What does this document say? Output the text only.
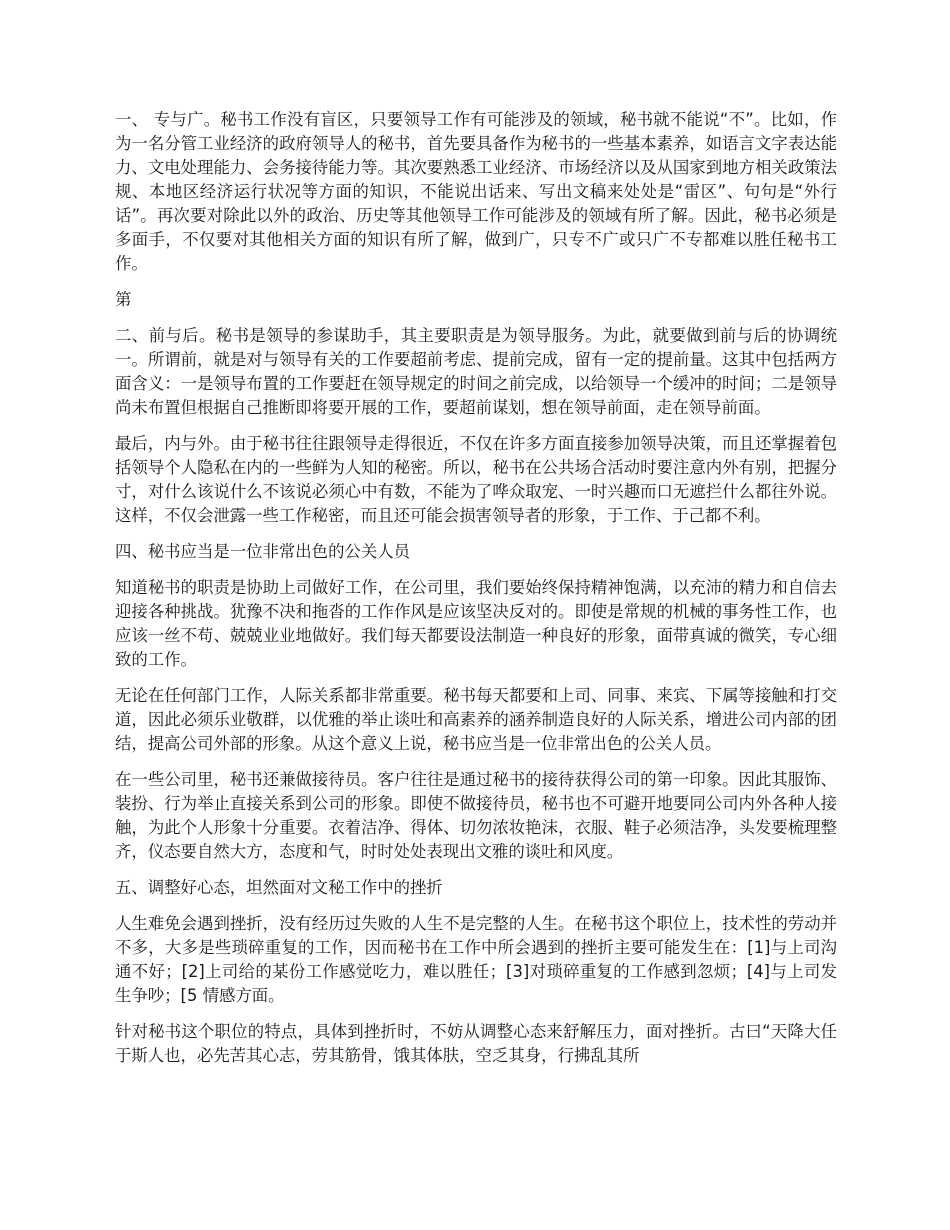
一、 专与广。秘书工作没有盲区，只要领导工作有可能涉及的领域，秘书就不能说“不”。比如，作为一名分管工业经济的政府领导人的秘书，首先要具备作为秘书的一些基本素养，如语言文字表达能力、文电处理能力、会务接待能力等。其次要熟悉工业经济、市场经济以及从国家到地方相关政策法规、本地区经济运行状况等方面的知识，不能说出话来、写出文稿来处处是“雷区”、句句是“外行话”。再次要对除此以外的政治、历史等其他领导工作可能涉及的领域有所了解。因此，秘书必须是多面手，不仅要对其他相关方面的知识有所了解，做到广，只专不广或只广不专都难以胜任秘书工作。

第

二、前与后。秘书是领导的参谋助手，其主要职责是为领导服务。为此，就要做到前与后的协调统一。所谓前，就是对与领导有关的工作要超前考虑、提前完成，留有一定的提前量。这其中包括两方面含义：一是领导布置的工作要赶在领导规定的时间之前完成，以给领导一个缓冲的时间；二是领导尚未布置但根据自己推断即将要开展的工作，要超前谋划，想在领导前面，走在领导前面。

最后，内与外。由于秘书往往跟领导走得很近，不仅在许多方面直接参加领导决策，而且还掌握着包括领导个人隐私在内的一些鲜为人知的秘密。所以，秘书在公共场合活动时要注意内外有别，把握分寸，对什么该说什么不该说必须心中有数，不能为了哗众取宠、一时兴趣而口无遮拦什么都往外说。这样，不仅会泄露一些工作秘密，而且还可能会损害领导者的形象，于工作、于己都不利。

四、秘书应当是一位非常出色的公关人员

知道秘书的职责是协助上司做好工作，在公司里，我们要始终保持精神饱满，以充沛的精力和自信去迎接各种挑战。犹豫不决和拖沓的工作作风是应该坚决反对的。即使是常规的机械的事务性工作，也应该一丝不苟、兢兢业业地做好。我们每天都要设法制造一种良好的形象，面带真诚的微笑，专心细致的工作。

无论在任何部门工作，人际关系都非常重要。秘书每天都要和上司、同事、来宾、下属等接触和打交道，因此必须乐业敬群，以优雅的举止谈吐和高素养的涵养制造良好的人际关系，增进公司内部的团结，提高公司外部的形象。从这个意义上说，秘书应当是一位非常出色的公关人员。

在一些公司里，秘书还兼做接待员。客户往往是通过秘书的接待获得公司的第一印象。因此其服饰、装扮、行为举止直接关系到公司的形象。即使不做接待员，秘书也不可避开地要同公司内外各种人接触，为此个人形象十分重要。衣着洁净、得体、切勿浓妆艳沫，衣服、鞋子必须洁净，头发要梳理整齐，仪态要自然大方，态度和气，时时处处表现出文雅的谈吐和风度。

五、调整好心态，坦然面对文秘工作中的挫折

人生难免会遇到挫折，没有经历过失败的人生不是完整的人生。在秘书这个职位上，技术性的劳动并不多，大多是些琐碎重复的工作，因而秘书在工作中所会遇到的挫折主要可能发生在：[1]与上司沟通不好；[2]上司给的某份工作感觉吃力，难以胜任；[3]对琐碎重复的工作感到忽烦；[4]与上司发生争吵；[5 情感方面。

针对秘书这个职位的特点，具体到挫折时，不妨从调整心态来舒解压力，面对挫折。古曰“天降大任于斯人也，必先苦其心志，劳其筋骨，饿其体肤，空乏其身，行拂乱其所
